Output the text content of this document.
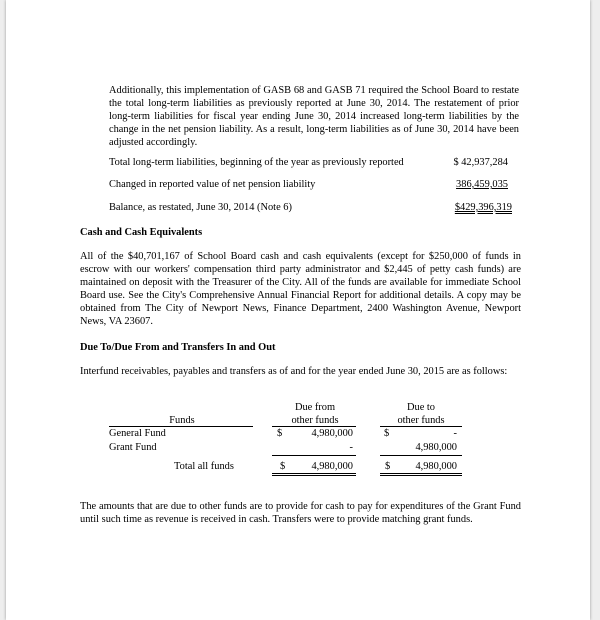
Additionally, this implementation of GASB 68 and GASB 71 required the School Board to restate the total long-term liabilities as previously reported at June 30, 2014. The restatement of prior long-term liabilities for fiscal year ending June 30, 2014 increased long-term liabilities by the change in the net pension liability. As a result, long-term liabilities as of June 30, 2014 have been adjusted accordingly.
Total long-term liabilities, beginning of the year as previously reported	$ 42,937,284
Changed in reported value of net pension liability	386,459,035
Balance, as restated, June 30, 2014 (Note 6)	$429,396,319
Cash and Cash Equivalents
All of the $40,701,167 of School Board cash and cash equivalents (except for $250,000 of funds in escrow with our workers' compensation third party administrator and $2,445 of petty cash funds) are maintained on deposit with the Treasurer of the City. All of the funds are available for immediate School Board use. See the City's Comprehensive Annual Financial Report for additional details. A copy may be obtained from The City of Newport News, Finance Department, 2400 Washington Avenue, Newport News, VA 23607.
Due To/Due From and Transfers In and Out
Interfund receivables, payables and transfers as of and for the year ended June 30, 2015 are as follows:
Due from	Due to
Funds	other funds	other funds
General Fund	$	4,980,000	$	-
Grant Fund	-	4,980,000
Total all funds	$	4,980,000	$	4,980,000
The amounts that are due to other funds are to provide for cash to pay for expenditures of the Grant Fund until such time as revenue is received in cash. Transfers were to provide matching grant funds.
